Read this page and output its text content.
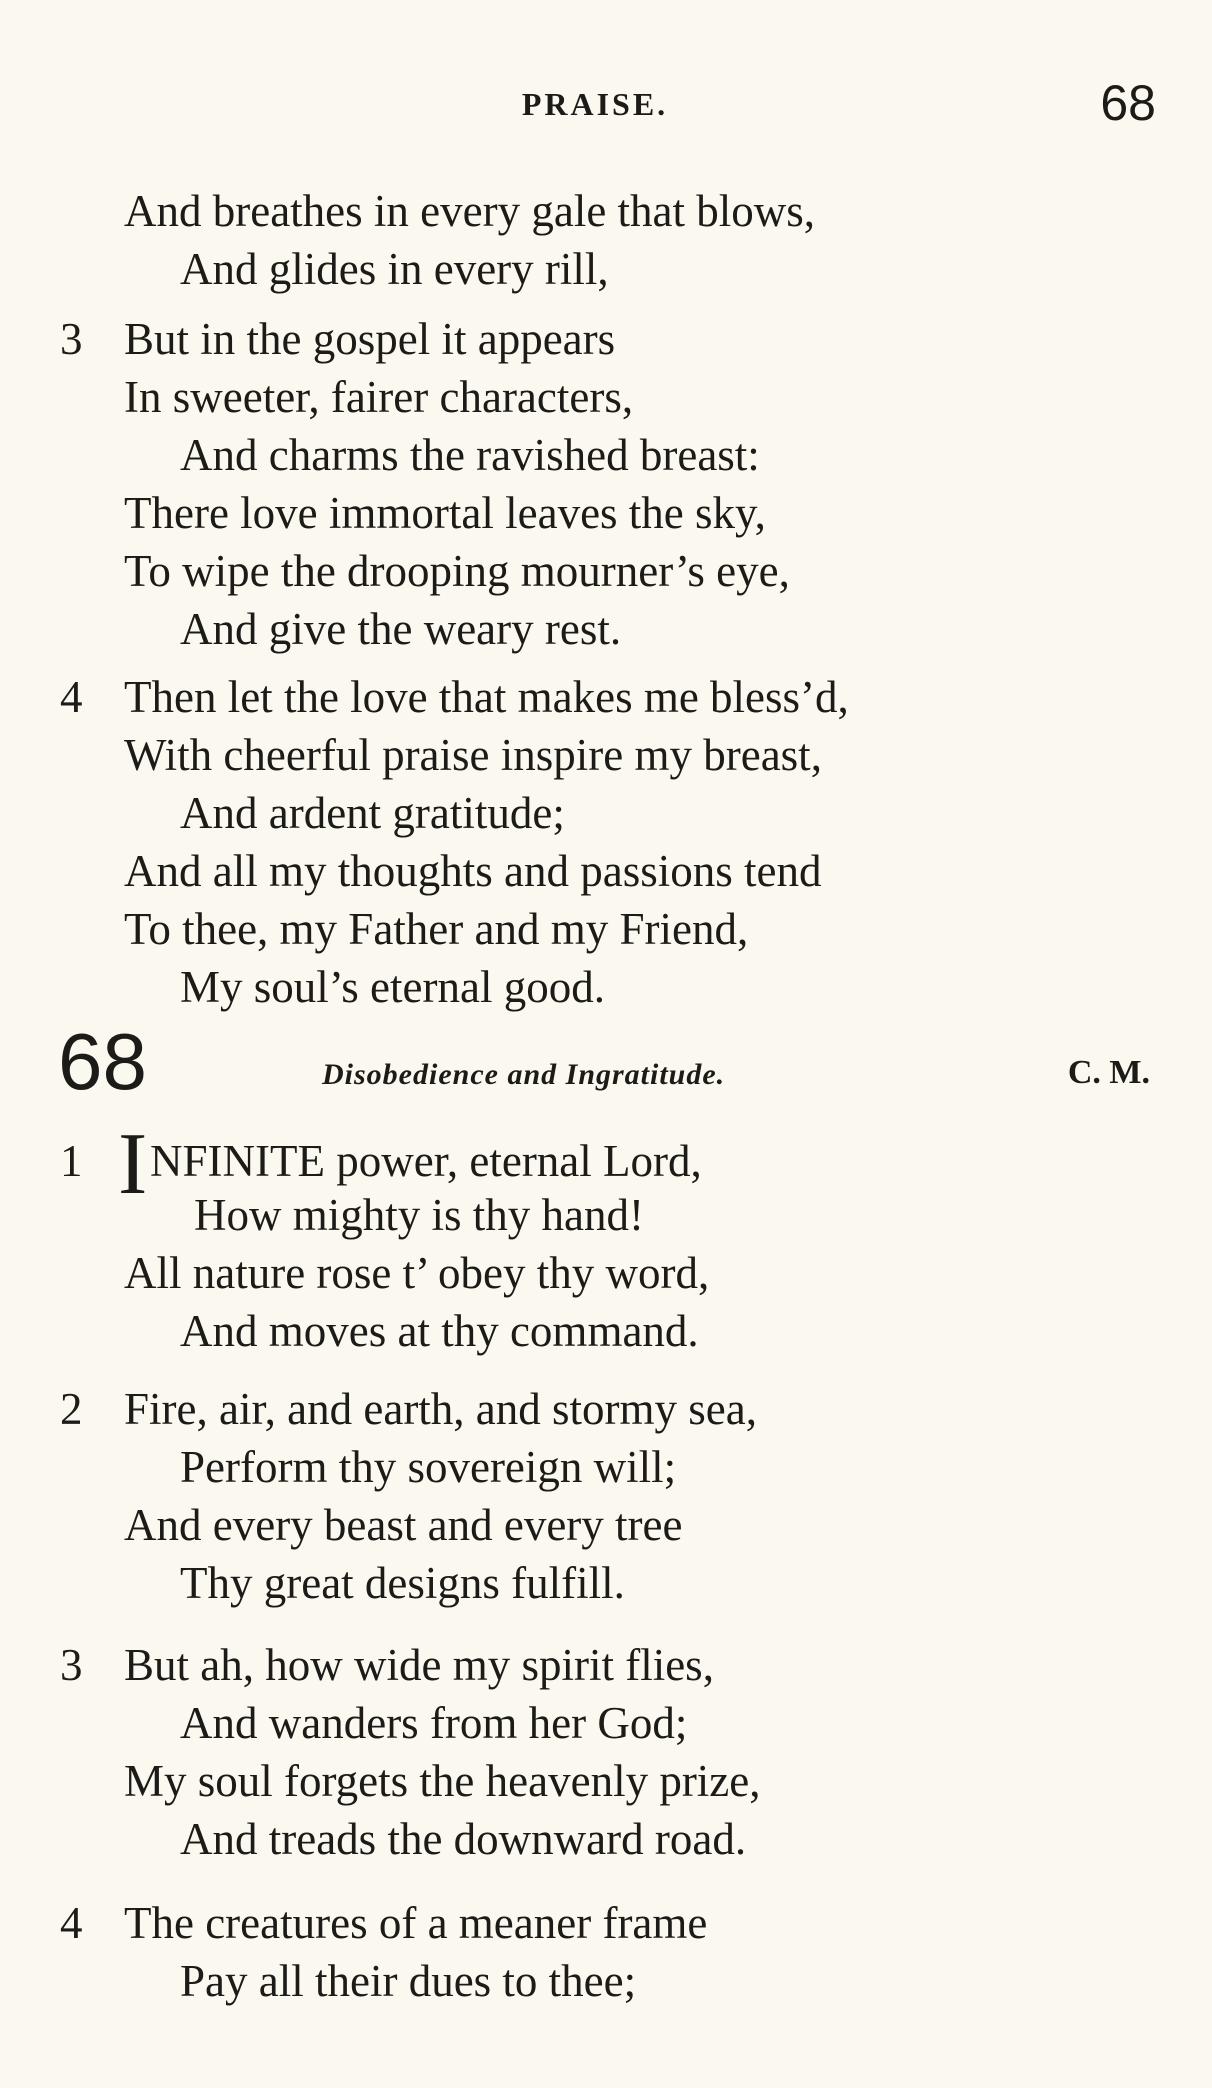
PRAISE.	68
And breathes in every gale that blows,
And glides in every rill,
3 But in the gospel it appears
In sweeter, fairer characters,
And charms the ravished breast:
There love immortal leaves the sky,
To wipe the drooping mourner’s eye,
And give the weary rest.
4 Then let the love that makes me bless’d,
With cheerful praise inspire my breast,
And ardent gratitude;
And all my thoughts and passions tend
To thee, my Father and my Friend,
My soul’s eternal good.
68	Disobedience and Ingratitude.	C. M.
1 I NFINITE power, eternal Lord,
How mighty is thy hand!
All nature rose t’ obey thy word,
And moves at thy command.
2 Fire, air, and earth, and stormy sea,
Perform thy sovereign will;
And every beast and every tree
Thy great designs fulfill.
3 But ah, how wide my spirit flies,
And wanders from her God;
My soul forgets the heavenly prize,
And treads the downward road.
4 The creatures of a meaner frame
Pay all their dues to thee;
